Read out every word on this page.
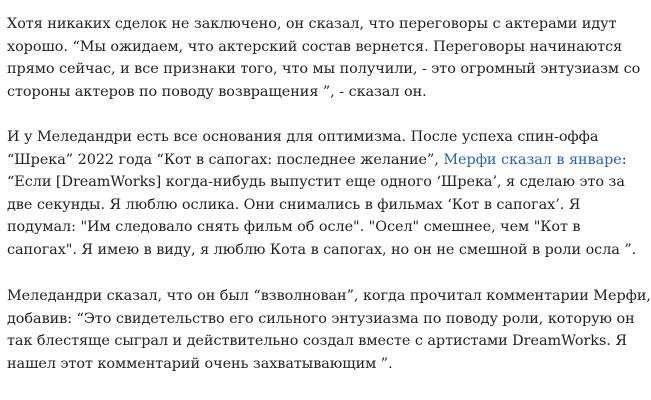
Хотя никаких сделок не заключено, он сказал, что переговоры с актерами идут
хорошо. “Мы ожидаем, что актерский состав вернется. Переговоры начинаются
прямо сейчас, и все признаки того, что мы получили, - это огромный энтузиазм со
стороны актеров по поводу возвращения ”, - сказал он.

И у Меледандри есть все основания для оптимизма. После успеха спин-оффа
“Шрека” 2022 года “Кот в сапогах: последнее желание”, Мерфи сказал в январе:
“Если [DreamWorks] когда-нибудь выпустит еще одного ‘Шрека’, я сделаю это за
две секунды. Я люблю ослика. Они снимались в фильмах ‘Кот в сапогах’. Я
подумал: "Им следовало снять фильм об осле". "Осел" смешнее, чем "Кот в
сапогах". Я имею в виду, я люблю Кота в сапогах, но он не смешной в роли осла ”.

Меледандри сказал, что он был “взволнован”, когда прочитал комментарии Мерфи,
добавив: “Это свидетельство его сильного энтузиазма по поводу роли, которую он
так блестяще сыграл и действительно создал вместе с артистами DreamWorks. Я
нашел этот комментарий очень захватывающим ”.
